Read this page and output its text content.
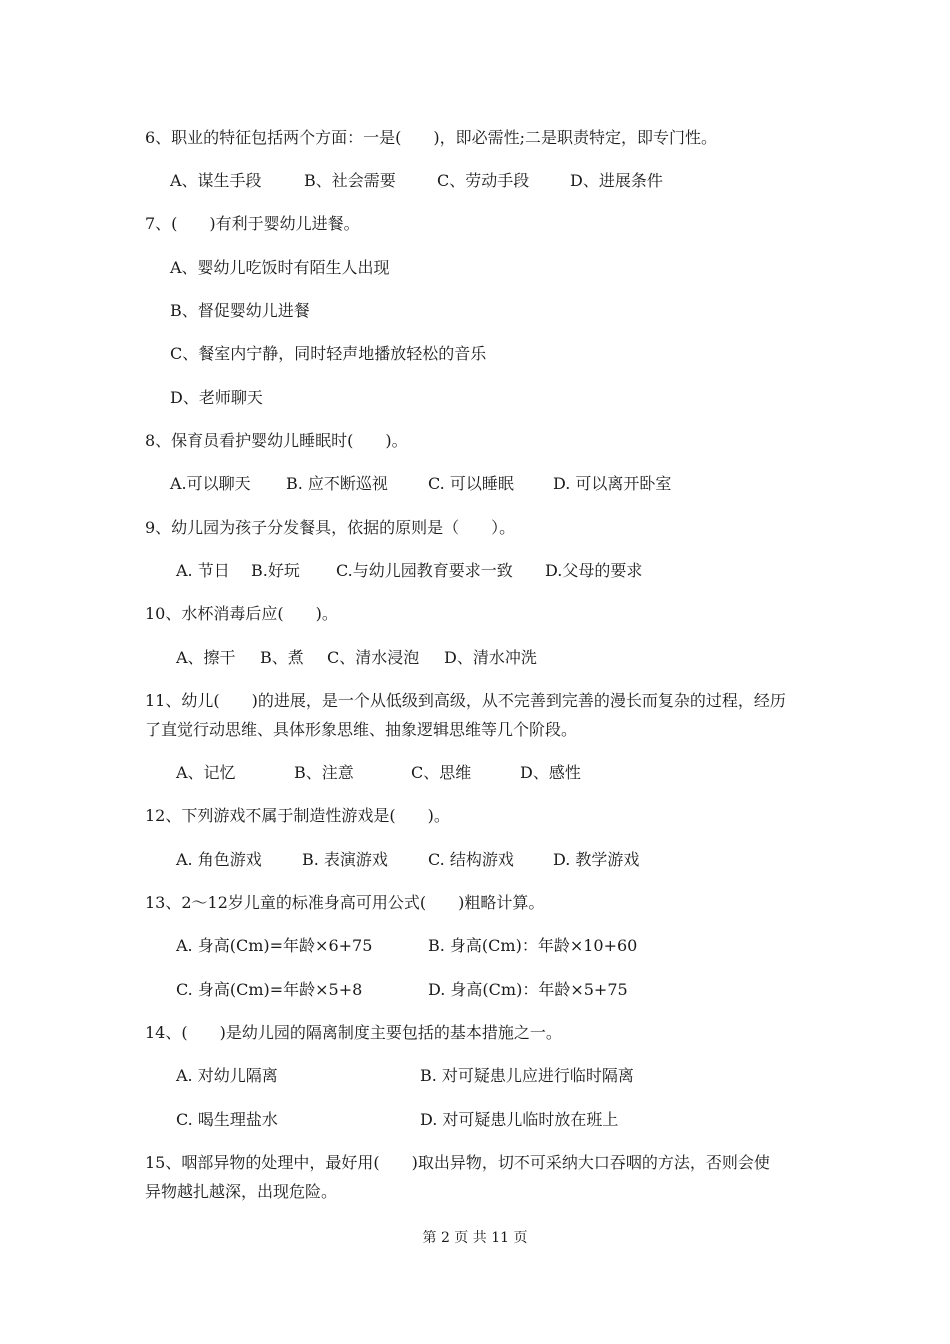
6、职业的特征包括两个方面：一是(　　)，即必需性;二是职责特定，即专门性。
A、谋生手段	B、社会需要	C、劳动手段	D、进展条件
7、(　　)有利于婴幼儿进餐。
A、婴幼儿吃饭时有陌生人出现
B、督促婴幼儿进餐
C、餐室内宁静，同时轻声地播放轻松的音乐
D、老师聊天
8、保育员看护婴幼儿睡眠时(　　)。
A.可以聊天 B. 应不断巡视	C. 可以睡眠 D. 可以离开卧室
9、幼儿园为孩子分发餐具，依据的原则是（　　）。
A. 节日 B.好玩 C.与幼儿园教育要求一致 D.父母的要求
10、水杯消毒后应(　　)。
A、擦干 B、煮 C、清水浸泡 D、清水冲洗
11、幼儿(　　)的进展，是一个从低级到高级，从不完善到完善的漫长而复杂的过程，经历
了直觉行动思维、具体形象思维、抽象逻辑思维等几个阶段。
A、记忆	B、注意	C、思维	D、感性
12、下列游戏不属于制造性游戏是(　　)。
A. 角色游戏	B. 表演游戏	C. 结构游戏 D. 教学游戏
13、2～12岁儿童的标准身高可用公式(　　)粗略计算。
A. 身高(Cm)=年龄×6+75	B. 身高(Cm)：年龄×10+60
C. 身高(Cm)=年龄×5+8	D. 身高(Cm)：年龄×5+75
14、(　　)是幼儿园的隔离制度主要包括的基本措施之一。
A. 对幼儿隔离	B. 对可疑患儿应进行临时隔离
C. 喝生理盐水	D. 对可疑患儿临时放在班上
15、咽部异物的处理中，最好用(　　)取出异物，切不可采纳大口吞咽的方法，否则会使
异物越扎越深，出现危险。
第 2 页 共 11 页
